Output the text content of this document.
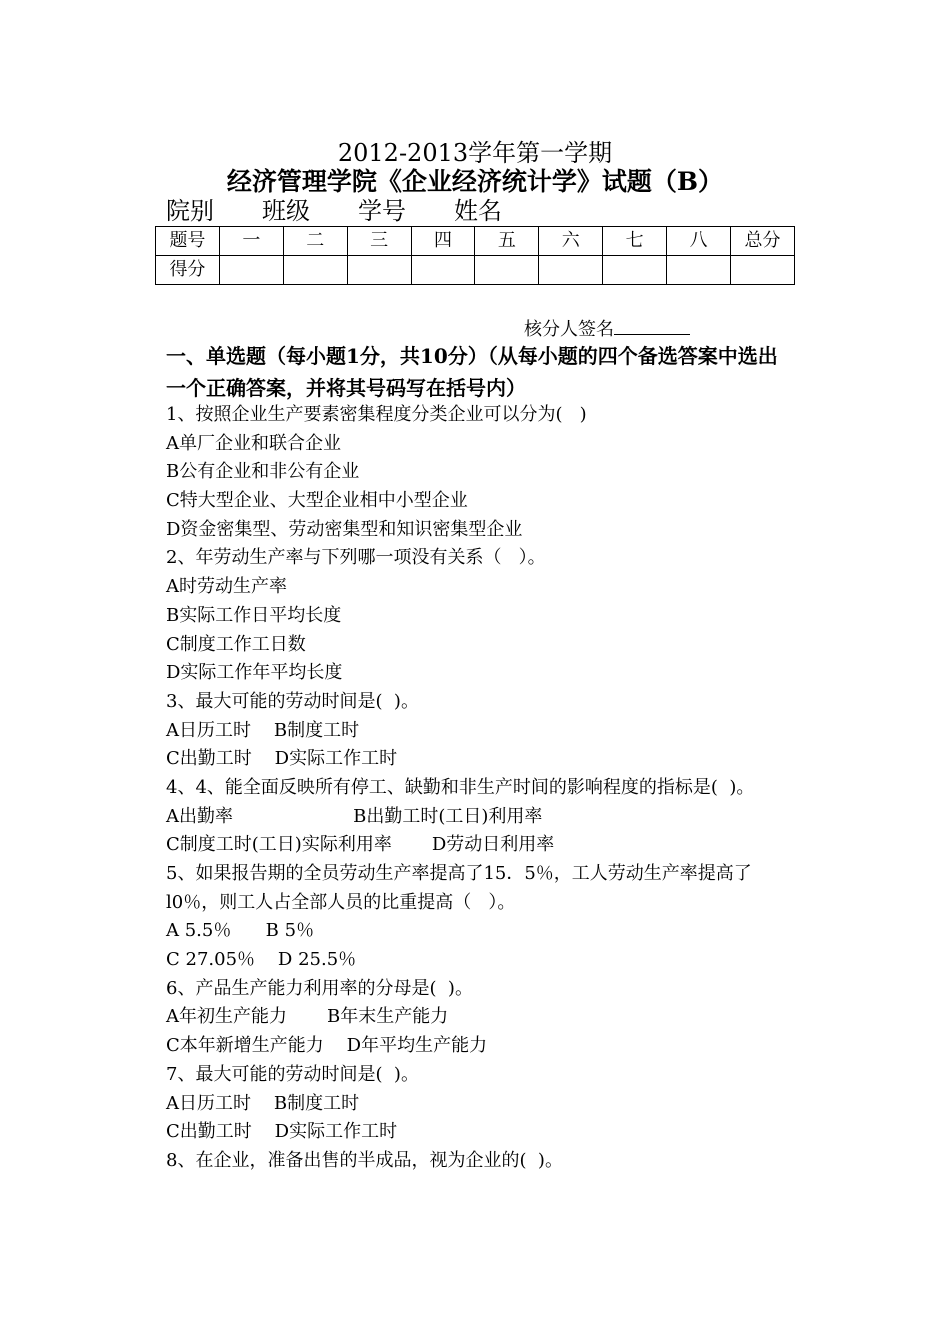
2012-2013学年第一学期
经济管理学院《企业经济统计学》试题（B）
院别 班级 学号 姓名
题号	一	二	三	四	五	六	七	八	总分
得分									
核分人签名
一、单选题（每小题1分，共10分）（从每小题的四个备选答案中选出一个正确答案，并将其号码写在括号内）
1、按照企业生产要素密集程度分类企业可以分为(   )
A单厂企业和联合企业
B公有企业和非公有企业
C特大型企业、大型企业相中小型企业
D资金密集型、劳动密集型和知识密集型企业
2、年劳动生产率与下列哪一项没有关系（   ）。
A时劳动生产率
B实际工作日平均长度
C制度工作工日数
D实际工作年平均长度
3、最大可能的劳动时间是(  )。
A日历工时    B制度工时
C出勤工时    D实际工作工时
4、4、能全面反映所有停工、缺勤和非生产时间的影响程度的指标是(  )。
A出勤率                     B出勤工时(工日)利用率
C制度工时(工日)实际利用率       D劳动日利用率
5、如果报告期的全员劳动生产率提高了15．5％，工人劳动生产率提高了
l0％，则工人占全部人员的比重提高（   ）。
A 5.5％      B 5％
C 27.05％    D 25.5％
6、产品生产能力利用率的分母是(  )。
A年初生产能力       B年末生产能力
C本年新增生产能力    D年平均生产能力
7、最大可能的劳动时间是(  )。
A日历工时    B制度工时
C出勤工时    D实际工作工时
8、在企业，准备出售的半成品，视为企业的(  )。
